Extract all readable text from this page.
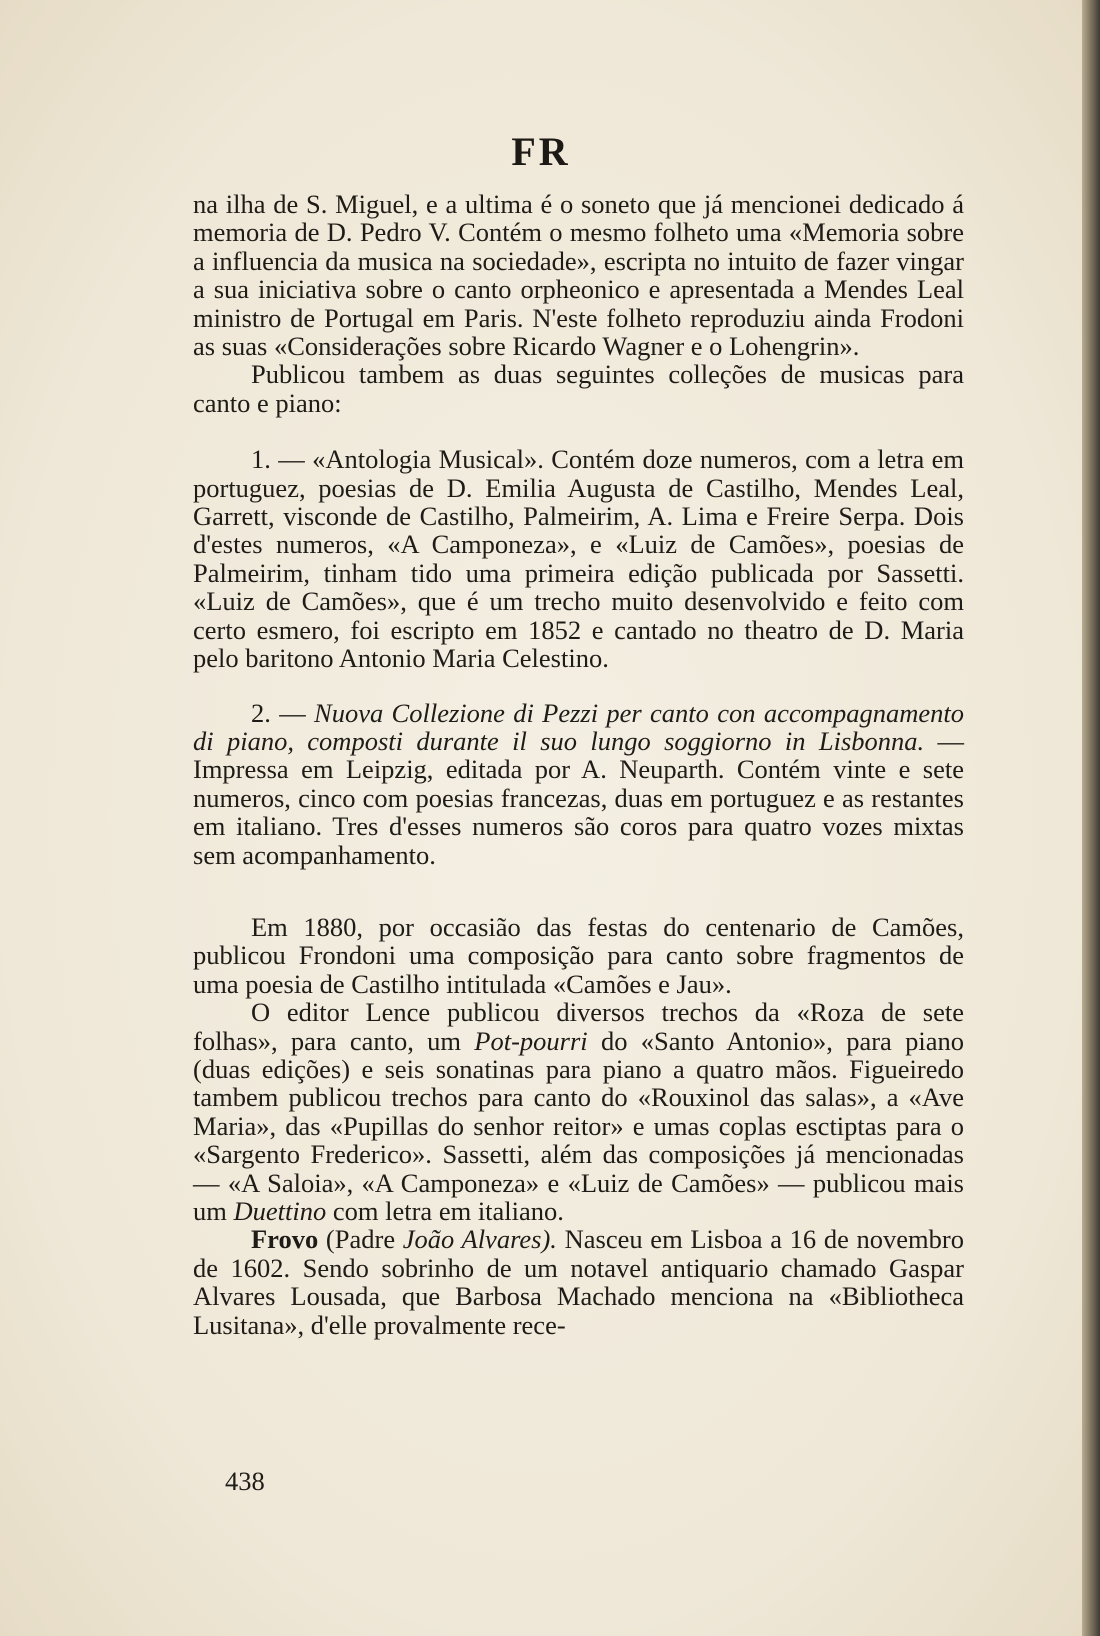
FR

na ilha de S. Miguel, e a ultima é o soneto que já mencionei dedicado á memoria de D. Pedro V. Contém o mesmo folheto uma «Memoria sobre a influencia da musica na sociedade», escripta no intuito de fazer vingar a sua iniciativa sobre o canto orpheonico e apresentada a Mendes Leal ministro de Portugal em Paris. N'este folheto reproduziu ainda Frodoni as suas «Considerações sobre Ricardo Wagner e o Lohengrin».

Publicou tambem as duas seguintes colleções de musicas para canto e piano:

1. — «Antologia Musical». Contém doze numeros, com a letra em portuguez, poesias de D. Emilia Augusta de Castilho, Mendes Leal, Garrett, visconde de Castilho, Palmeirim, A. Lima e Freire Serpa. Dois d'estes numeros, «A Camponeza», e «Luiz de Camões», poesias de Palmeirim, tinham tido uma primeira edição publicada por Sassetti. «Luiz de Camões», que é um trecho muito desenvolvido e feito com certo esmero, foi escripto em 1852 e cantado no theatro de D. Maria pelo baritono Antonio Maria Celestino.

2. — Nuova Collezione di Pezzi per canto con accompagnamento di piano, composti durante il suo lungo soggiorno in Lisbonna. — Impressa em Leipzig, editada por A. Neuparth. Contém vinte e sete numeros, cinco com poesias francezas, duas em portuguez e as restantes em italiano. Tres d'esses numeros são coros para quatro vozes mixtas sem acompanhamento.

Em 1880, por occasião das festas do centenario de Camões, publicou Frondoni uma composição para canto sobre fragmentos de uma poesia de Castilho intitulada «Camões e Jau».

O editor Lence publicou diversos trechos da «Roza de sete folhas», para canto, um Pot-pourri do «Santo Antonio», para piano (duas edições) e seis sonatinas para piano a quatro mãos. Figueiredo tambem publicou trechos para canto do «Rouxinol das salas», a «Ave Maria», das «Pupillas do senhor reitor» e umas coplas esctiptas para o «Sargento Frederico». Sassetti, além das composições já mencionadas — «A Saloia», «A Camponeza» e «Luiz de Camões» — publicou mais um Duettino com letra em italiano.

Frovo (Padre João Alvares). Nasceu em Lisboa a 16 de novembro de 1602. Sendo sobrinho de um notavel antiquario chamado Gaspar Alvares Lousada, que Barbosa Machado menciona na «Bibliotheca Lusitana», d'elle provalmente rece-

438
